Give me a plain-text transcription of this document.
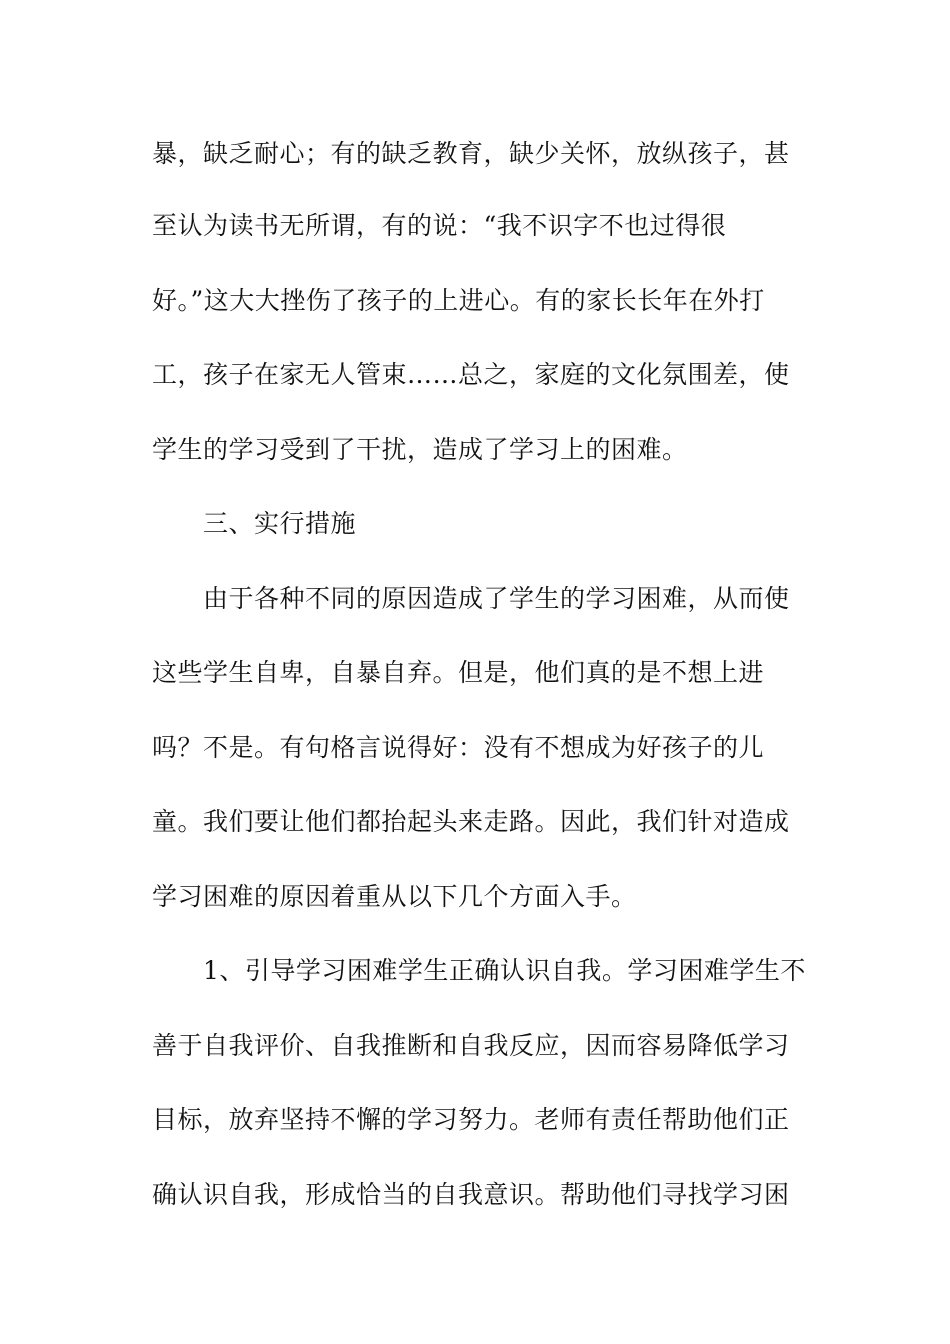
暴，缺乏耐心；有的缺乏教育，缺少关怀，放纵孩子，甚
至认为读书无所谓，有的说：“我不识字不也过得很
好。”这大大挫伤了孩子的上进心。有的家长长年在外打
工，孩子在家无人管束……总之，家庭的文化氛围差，使
学生的学习受到了干扰，造成了学习上的困难。
三、实行措施
由于各种不同的原因造成了学生的学习困难，从而使
这些学生自卑，自暴自弃。但是，他们真的是不想上进
吗？不是。有句格言说得好：没有不想成为好孩子的儿
童。我们要让他们都抬起头来走路。因此，我们针对造成
学习困难的原因着重从以下几个方面入手。
1、引导学习困难学生正确认识自我。学习困难学生不
善于自我评价、自我推断和自我反应，因而容易降低学习
目标，放弃坚持不懈的学习努力。老师有责任帮助他们正
确认识自我，形成恰当的自我意识。帮助他们寻找学习困
